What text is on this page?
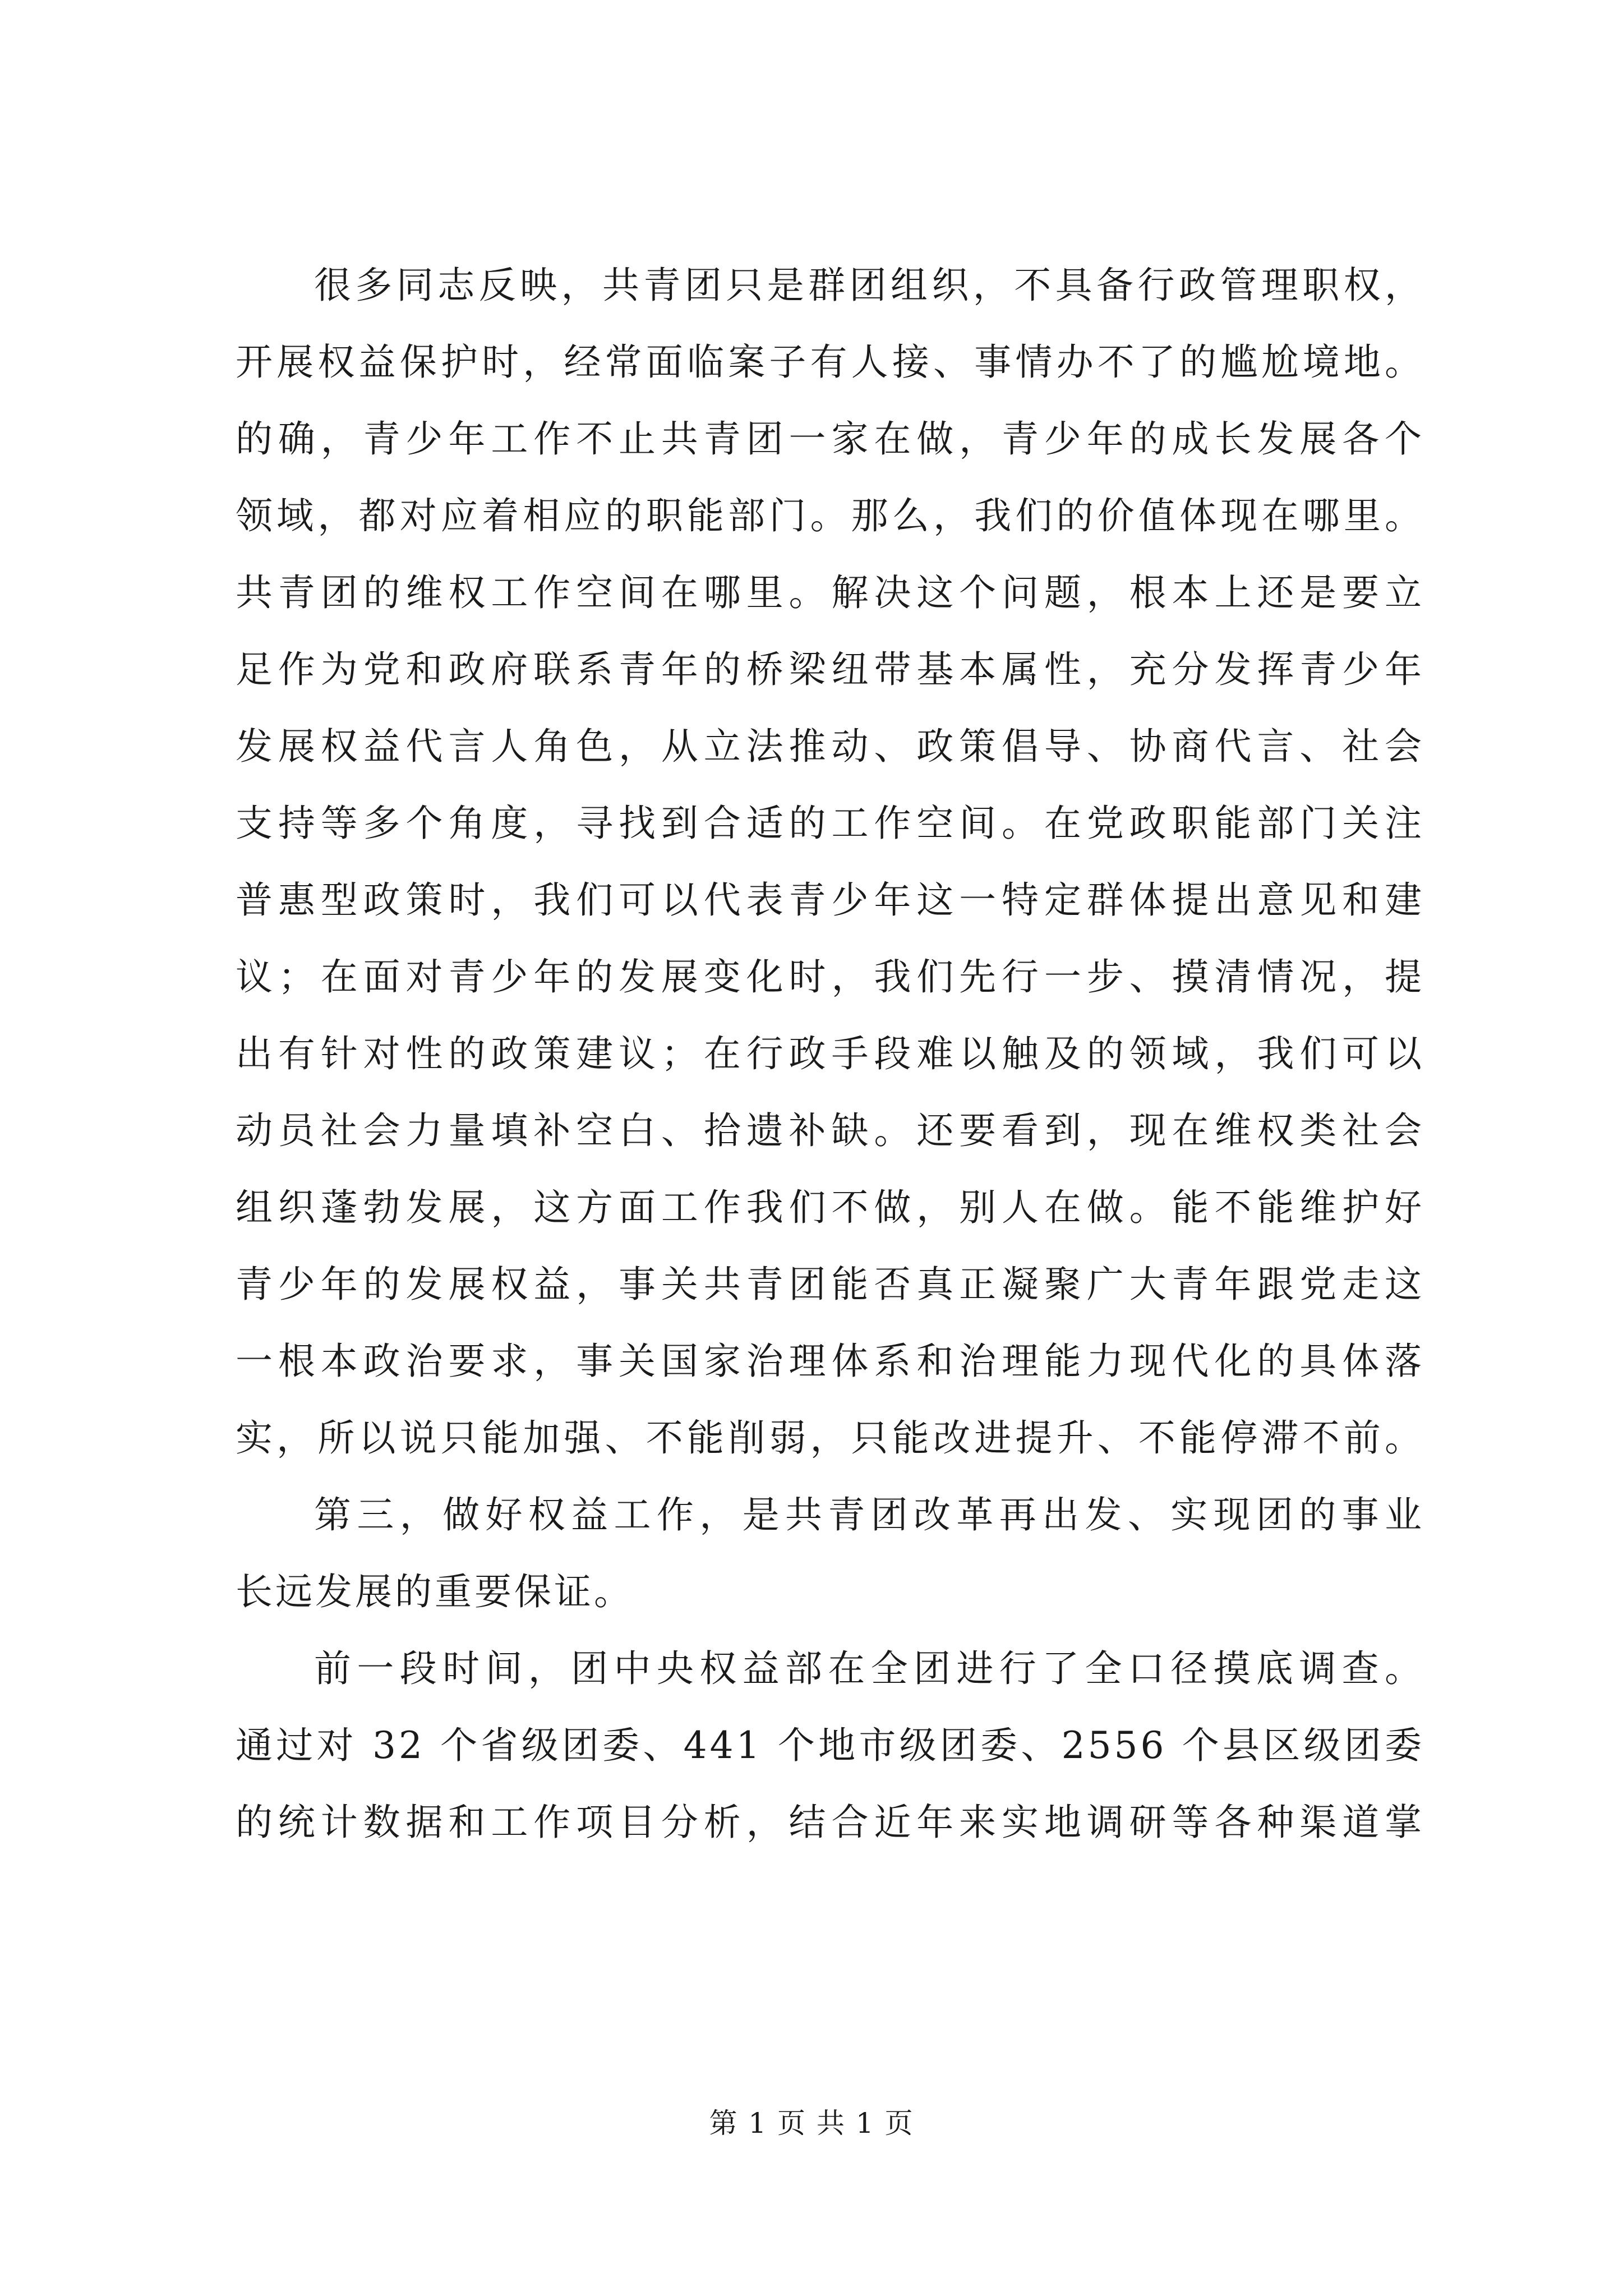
很多同志反映，共青团只是群团组织，不具备行政管理职权，
开展权益保护时，经常面临案子有人接、事情办不了的尴尬境地。
的确，青少年工作不止共青团一家在做，青少年的成长发展各个
领域，都对应着相应的职能部门。那么，我们的价值体现在哪里。
共青团的维权工作空间在哪里。解决这个问题，根本上还是要立
足作为党和政府联系青年的桥梁纽带基本属性，充分发挥青少年
发展权益代言人角色，从立法推动、政策倡导、协商代言、社会
支持等多个角度，寻找到合适的工作空间。在党政职能部门关注
普惠型政策时，我们可以代表青少年这一特定群体提出意见和建
议；在面对青少年的发展变化时，我们先行一步、摸清情况，提
出有针对性的政策建议；在行政手段难以触及的领域，我们可以
动员社会力量填补空白、拾遗补缺。还要看到，现在维权类社会
组织蓬勃发展，这方面工作我们不做，别人在做。能不能维护好
青少年的发展权益，事关共青团能否真正凝聚广大青年跟党走这
一根本政治要求，事关国家治理体系和治理能力现代化的具体落
实，所以说只能加强、不能削弱，只能改进提升、不能停滞不前。
第三，做好权益工作，是共青团改革再出发、实现团的事业
长远发展的重要保证。
前一段时间，团中央权益部在全团进行了全口径摸底调查。
通过对 32 个省级团委、441 个地市级团委、2556 个县区级团委
的统计数据和工作项目分析，结合近年来实地调研等各种渠道掌
第 1 页 共 1 页
